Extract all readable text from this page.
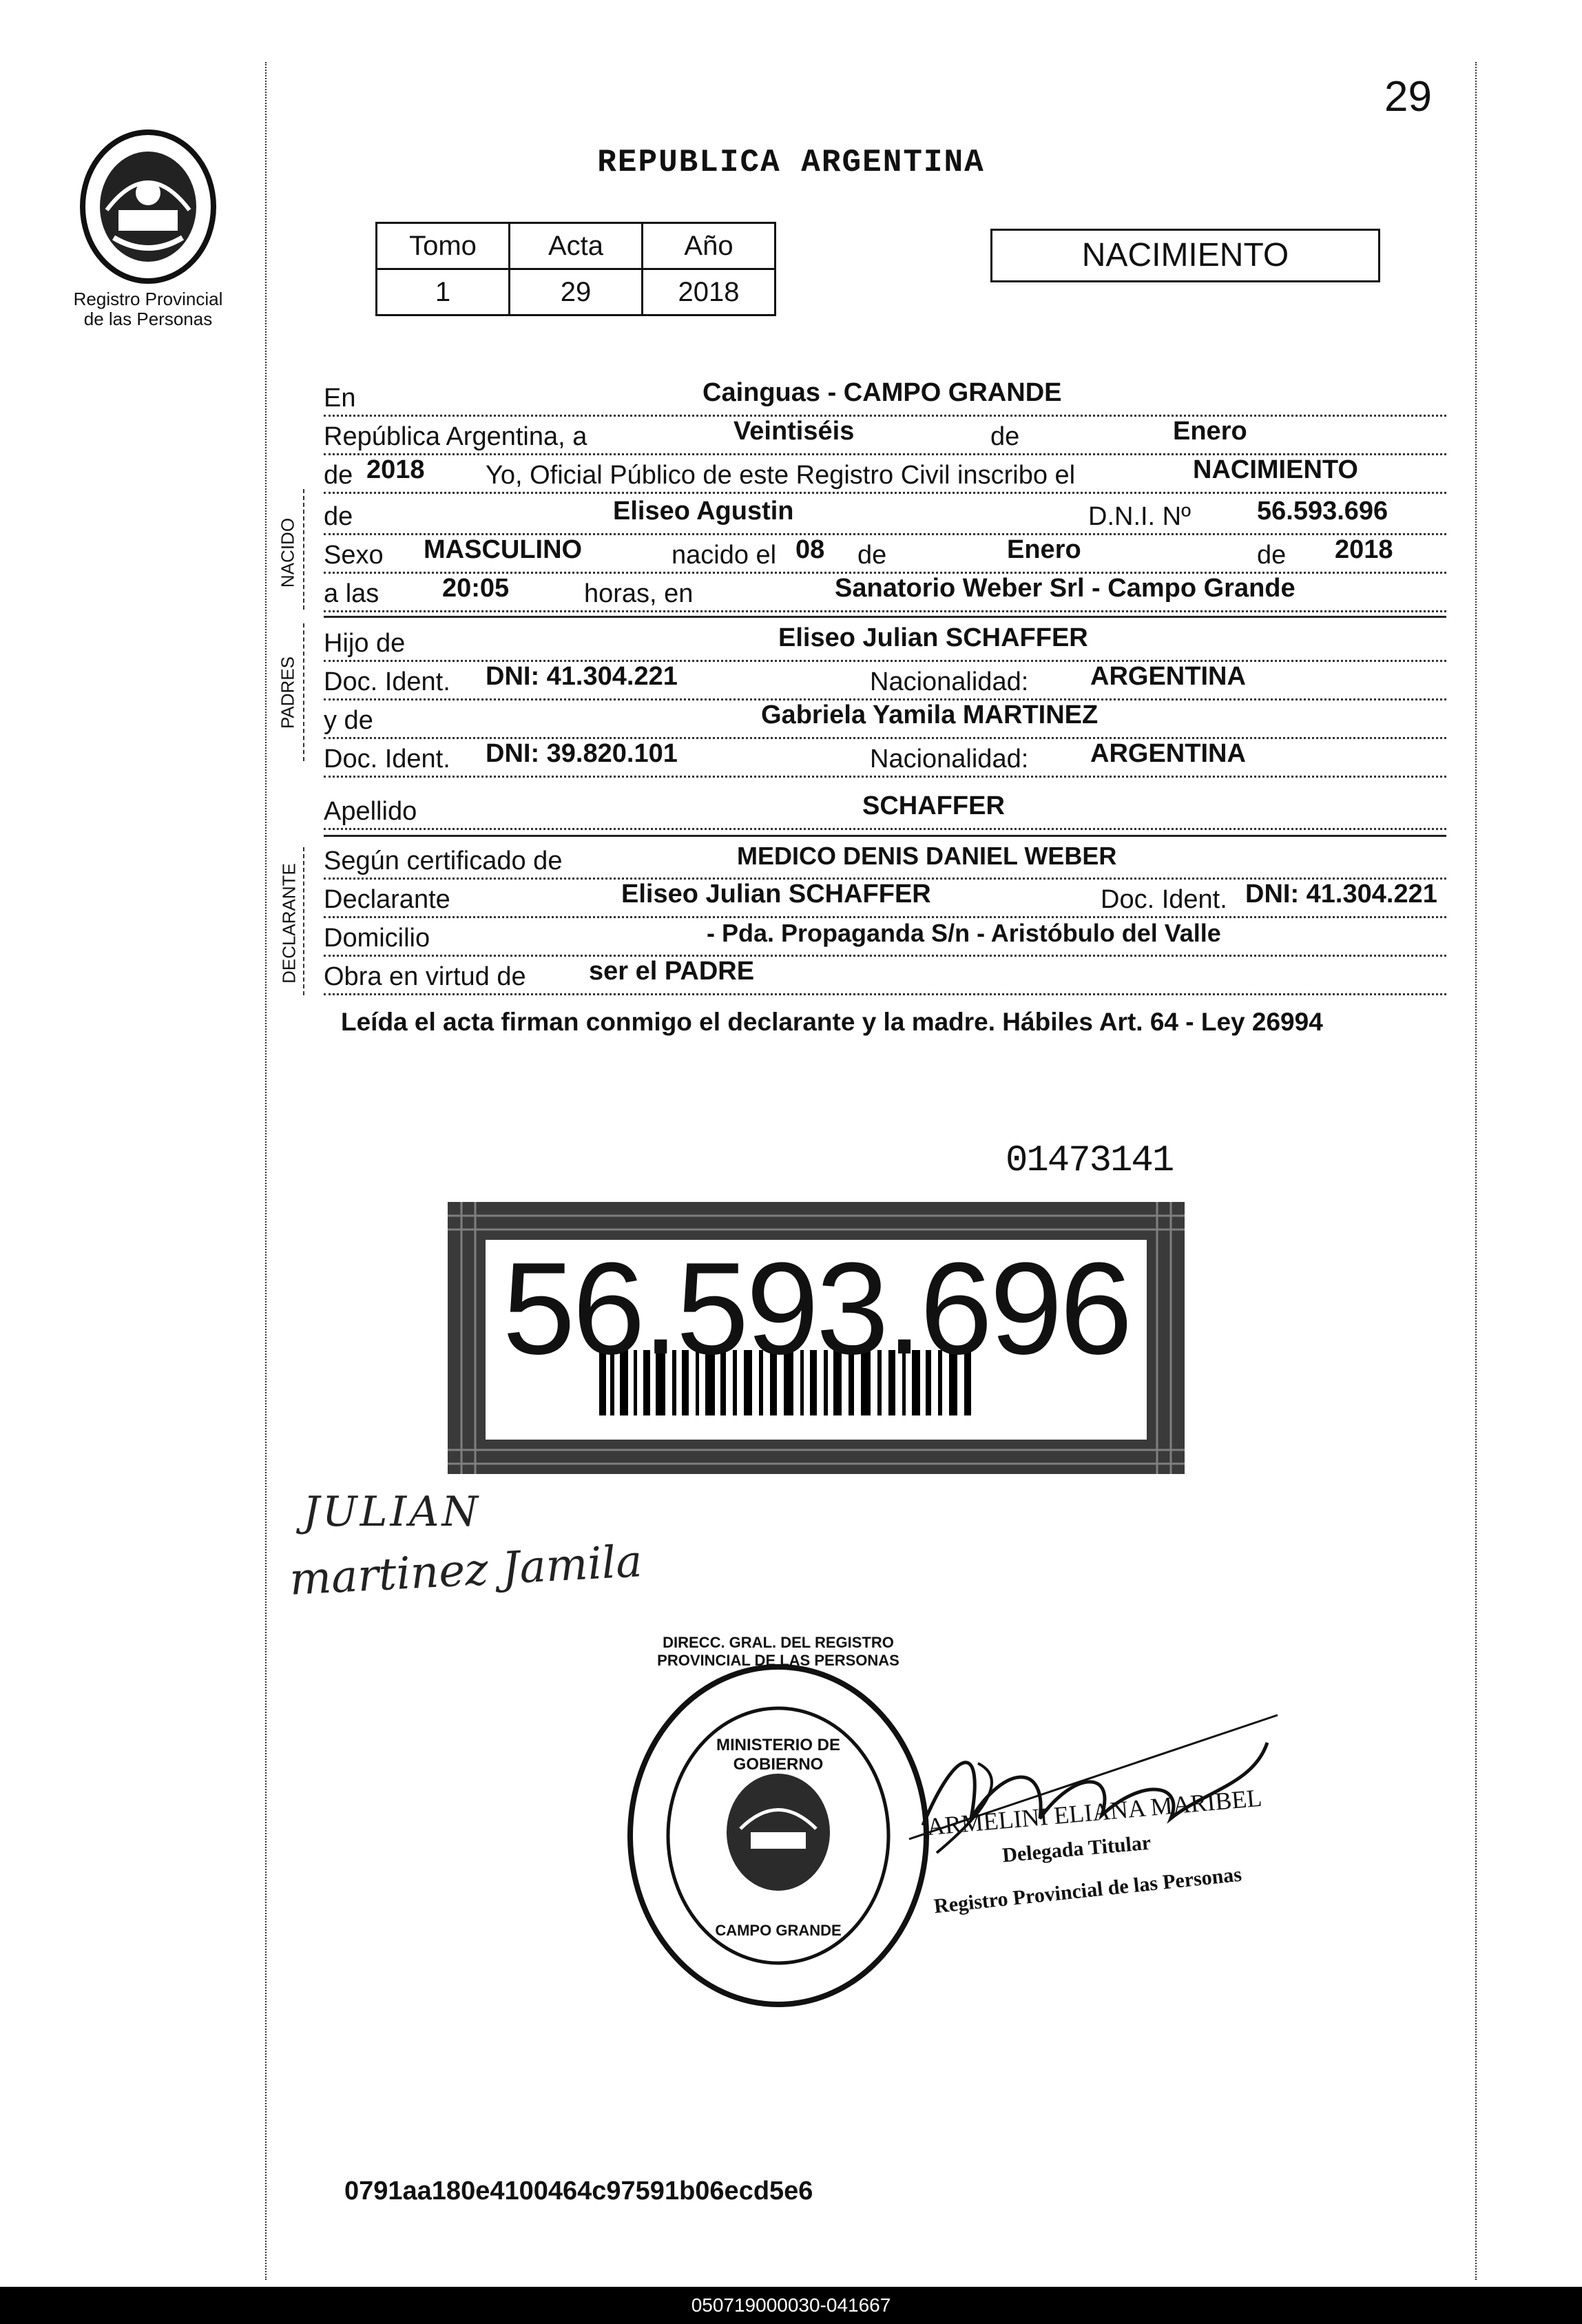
29
Registro Provincial
de las Personas
REPUBLICA ARGENTINA
Tomo	Acta	Año
1	29	2018
NACIMIENTO
En	Cainguas - CAMPO GRANDE
República Argentina, a	Veintiséis	de	Enero
de 2018 Yo, Oficial Público de este Registro Civil inscribo el	NACIMIENTO
NACIDO
de	Eliseo Agustin	D.N.I. Nº	56.593.696
Sexo MASCULINO	nacido el 08 de	Enero	de 2018
a las 20:05	horas, en	Sanatorio Weber Srl - Campo Grande
PADRES
Hijo de	Eliseo Julian SCHAFFER
Doc. Ident. DNI: 41.304.221	Nacionalidad: ARGENTINA
y de	Gabriela Yamila MARTINEZ
Doc. Ident. DNI: 39.820.101	Nacionalidad: ARGENTINA
Apellido	SCHAFFER
DECLARANTE
Según certificado de	MEDICO DENIS DANIEL WEBER
Declarante	Eliseo Julian SCHAFFER	Doc. Ident. DNI: 41.304.221
Domicilio	- Pda. Propaganda S/n - Aristóbulo del Valle
Obra en virtud de ser el PADRE
Leída el acta firman conmigo el declarante y la madre. Hábiles Art. 64 - Ley 26994
01473141
56.593.696
JULIAN
martinez Jamila
DIRECC. GRAL. DEL REGISTRO PROVINCIAL DE LAS PERSONAS
MINISTERIO DE GOBIERNO
CAMPO GRANDE
ARMELINI ELIANA MARIBEL
Delegada Titular
Registro Provincial de las Personas
0791aa180e4100464c97591b06ecd5e6
050719000030-041667
